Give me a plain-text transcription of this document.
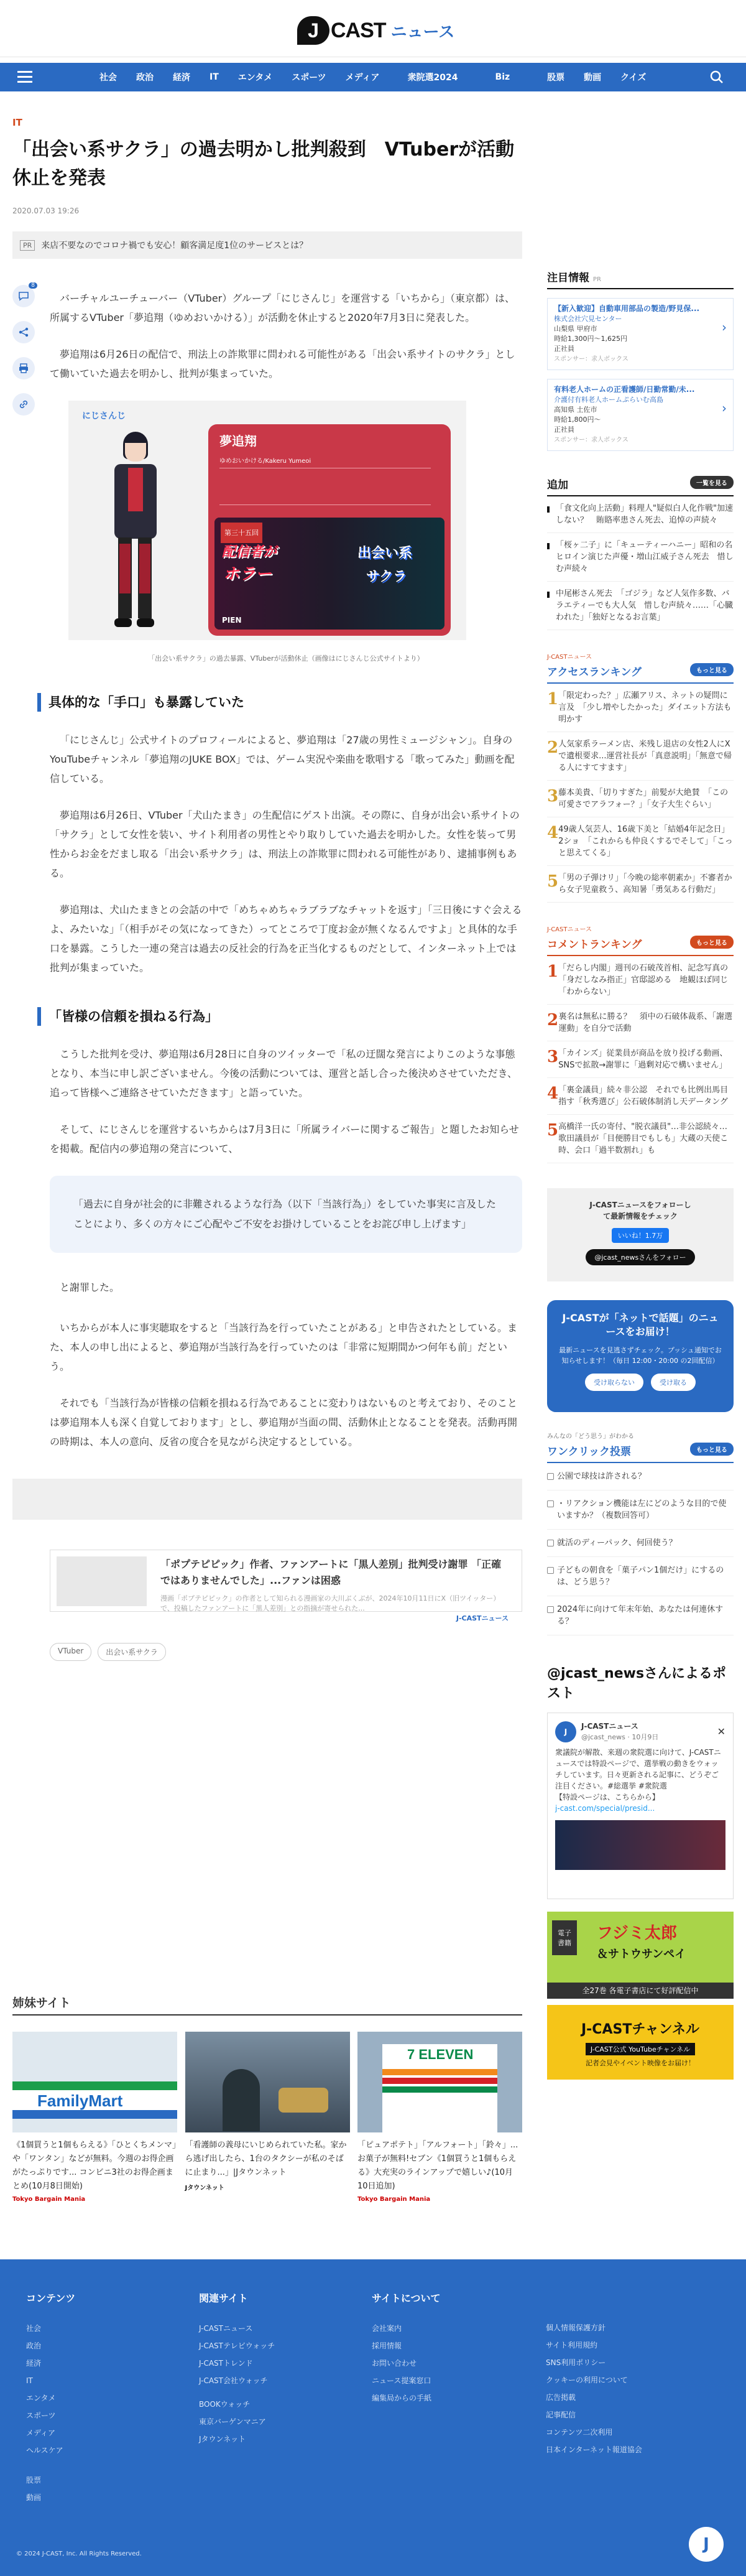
J CAST ニュース
社会 政治 経済 IT エンタメ スポーツ メディア	衆院選2024	Biz	股票 動画 クイズ
IT
「出会い系サクラ」の過去明かし批判殺到　VTuberが活動休止を発表
2020.07.03 19:26
PR	来店不要なのでコロナ禍でも安心！顧客満足度1位のサービスとは？
8

バーチャルユーチューバー（VTuber）グループ「にじさんじ」を運営する「いちから」（東京都）は、所属するVTuber「夢追翔（ゆめおいかける）」が活動を休止すると2020年7月3日に発表した。

夢追翔は6月26日の配信で、刑法上の詐欺罪に問われる可能性がある「出会い系サイトのサクラ」として働いていた過去を明かし、批判が集まっていた。

にじさんじ
夢追翔
ゆめおいかける/Kakeru Yumeoi
第三十五回
配信者が
ホラー
出会い系
サクラ
PIEN
「出会い系サクラ」の過去暴露、VTuberが活動休止（画像はにじさんじ公式サイトより）
具体的な「手口」も暴露していた

「にじさんじ」公式サイトのプロフィールによると、夢追翔は「27歳の男性ミュージシャン」。自身のYouTubeチャンネル「夢追翔のJUKE BOX」では、ゲーム実況や楽曲を歌唱する「歌ってみた」動画を配信している。

夢追翔は6月26日、VTuber「犬山たまき」の生配信にゲスト出演。その際に、自身が出会い系サイトの「サクラ」として女性を装い、サイト利用者の男性とやり取りしていた過去を明かした。女性を装って男性からお金をだまし取る「出会い系サクラ」は、刑法上の詐欺罪に問われる可能性があり、逮捕事例もある。

夢追翔は、犬山たまきとの会話の中で「めちゃめちゃラブラブなチャットを返す」「三日後にすぐ会えるよ、みたいな」「（相手がその気になってきた）ってところで丁度お金が無くなるんですよ」と具体的な手口を暴露。こうした一連の発言は過去の反社会的行為を正当化するものだとして、インターネット上では批判が集まっていた。

「皆様の信頼を損ねる行為」

こうした批判を受け、夢追翔は6月28日に自身のツイッターで「私の迂闊な発言によりこのような事態となり、本当に申し訳ございません。今後の活動については、運営と話し合った後決めさせていただき、追って皆様へご連絡させていただきます」と語っていた。

そして、にじさんじを運営するいちからは7月3日に「所属ライバーに関するご報告」と題したお知らせを掲載。配信内の夢追翔の発言について、

「過去に自身が社会的に非難されるような行為（以下「当該行為」）をしていた事実に言及したことにより、多くの方々にご心配やご不安をお掛けしていることをお詫び申し上げます」

と謝罪した。

いちからが本人に事実聴取をすると「当該行為を行っていたことがある」と申告されたとしている。また、本人の申し出によると、夢追翔が当該行為を行っていたのは「非常に短期間かつ何年も前」だという。

それでも「当該行為が皆様の信頼を損ねる行為であることに変わりはないものと考えており、そのことは夢追翔本人も深く自覚しております」とし、夢追翔が当面の間、活動休止となることを発表。活動再開の時期は、本人の意向、反省の度合を見ながら決定するとしている。

「ポプテピピック」作者、ファンアートに「黒人差別」批判受け謝罪 「正確ではありませんでした」...ファンは困惑
漫画「ポプテピピック」の作者として知られる漫画家の大川ぶくぶが、2024年10月11日にX（旧ツイッター）で、投稿したファンアートに「黒人差別」との指摘が寄せられた...
J-CASTニュース
VTuber	出会い系サクラ
姉妹サイト
FamilyMart
《1個買うと1個もらえる》「ひとくちメンマ」や「ワンタン」などが無料。今週のお得企画がたっぷりです... コンビニ3社のお得企画まとめ(10月8日開始)
Tokyo Bargain Mania
「看護師の義母にいじめられていた私。家から逃げ出したら、1台のタクシーが私のそばに止まり...」|Jタウンネット
Jタウンネット
7 ELEVEN
「ピュアポテト」「アルフォート」「鈴々」...お菓子が無料!セブン《1個買うと1個もらえる》大充実のラインアップで嬉しい♪(10月10日追加)
Tokyo Bargain Mania
注目情報 PR
【新入歓迎】自動車用部品の製造/野見保...
株式会社穴見センター
山梨県 甲府市
時給1,300円〜1,625円
正社員
スポンサー：求人ボックス
›
有料老人ホームの正看護師/日勤常勤/未...
介護付有料老人ホームぷらいむ高島
高知県 土佐市
時給1,800円〜
正社員
スポンサー：求人ボックス
›
追加	一覧を見る
「食文化向上活動」料理人"疑似白人化作戦"加速しない？　賄賂率患さん死去、追悼の声続々
「桜ヶ二子」に「キューティーハニー」昭和の名ヒロイン演じた声優・増山江威子さん死去　惜しむ声続々
中尾彬さん死去　「ゴジラ」など人気作多数、バラエティーでも大人気　惜しむ声続々……「心臓われた」「独好となるお言葉」
J-CASTニュース
アクセスランキング	もっと見る
1 「限定わった？」広瀬アリス、ネットの疑問に言及　「少し増やしたかった」ダイエット方法も明かす
2 人気家系ラーメン店、米残し退店の女性2人にXで遺根要求...運営社長が「真意説明」「無意で帰る人にすてすます」
3 藤本美貴、「切りすぎた」前髪が大絶賛　「この可愛さでアラフォー？」「女子大生ぐらい」
4 49歳人気芸人、16歳下美と「結婚4年記念日」2ショ　「これからも仲良くするでそして」「こっと思えてくる」
5 「男の子弾けリ」「今晩の総率朝素か」不審者から女子児童救う、高知暑「勇気ある行動だ」
J-CASTニュース
コメントランキング	もっと見る
1 「だらし内閣」週刊の石破茂首相、記念写真の「身だしなみ指正」官邸認める　地観ほぼ同じ「わからない」
2 裏名は無私に勝る？　須中の石破体裁系、「謝選運動」を自分で活動
3 「カインズ」従業員が商品を放り投げる動画、SNSで拡散→謝罪に「過剰対応で構いません」
4 「裏金議員」続々非公認　それでも比例出馬目指す「秋秀選び」公石破体制消し天データング
5 高橋洋一氏の寄付、"脱衣議員"…非公認続々…歌田議員が「目便勝目でもしも」大蔵の天使こ時、会口「過半数割れ」も
J-CASTニュースをフォローして最新情報をチェック
いいね！1.7万
@jcast_newsさんをフォロー
J-CASTが「ネットで話題」のニュースをお届け！
最新ニュースを見逃さずチェック。プッシュ通知でお知らせします！（毎日 12:00・20:00 の2回配信）
受け取らない	受け取る
みんなの「どう思う」がわかる
ワンクリック投票	もっと見る
公園で球技は許される？
・リアクション機能は左にどのような目的で使いますか？（複数回答可）
就活のディーパック、何回使う？
子どもの朝食を「菓子パン1個だけ」にするのは、どう思う？
2024年に向けて年末年始、あなたは何連休する？
@jcast_newsさんによるポスト
J
J-CASTニュース
@jcast_news · 10月9日	✕
衆議院が解散、来週の衆院選に向けて、J-CASTニュースでは特設ページで、選挙戦の動きをウォッチしています。日々更新される記事に、どうぞご注目ください。#総選挙 #衆院選
【特設ページは、こちらから】
j-cast.com/special/presid...
電子
書籍
フジミ太郎
＆サトウサンペイ
全27巻 各電子書店にて好評配信中
J-CASTチャンネル
J-CAST公式 YouTubeチャンネル
記者会見やイベント映像をお届け！
コンテンツ
社会
政治
経済
IT
エンタメ
スポーツ
メディア
ヘルスケア
股票
動画
関連サイト
J-CASTニュース
J-CASTテレビウォッチ
J-CASTトレンド
J-CAST会社ウォッチ
BOOKウォッチ
東京バーゲンマニア
Jタウンネット
サイトについて
会社案内
採用情報
お問い合わせ
ニュース提案窓口
編集局からの手紙
個人情報保護方針
サイト利用規約
SNS利用ポリシー
クッキーの利用について
広告掲載
記事配信
コンテンツ二次利用
日本インターネット報道協会
© 2024 J-CAST, Inc. All Rights Reserved.
J
